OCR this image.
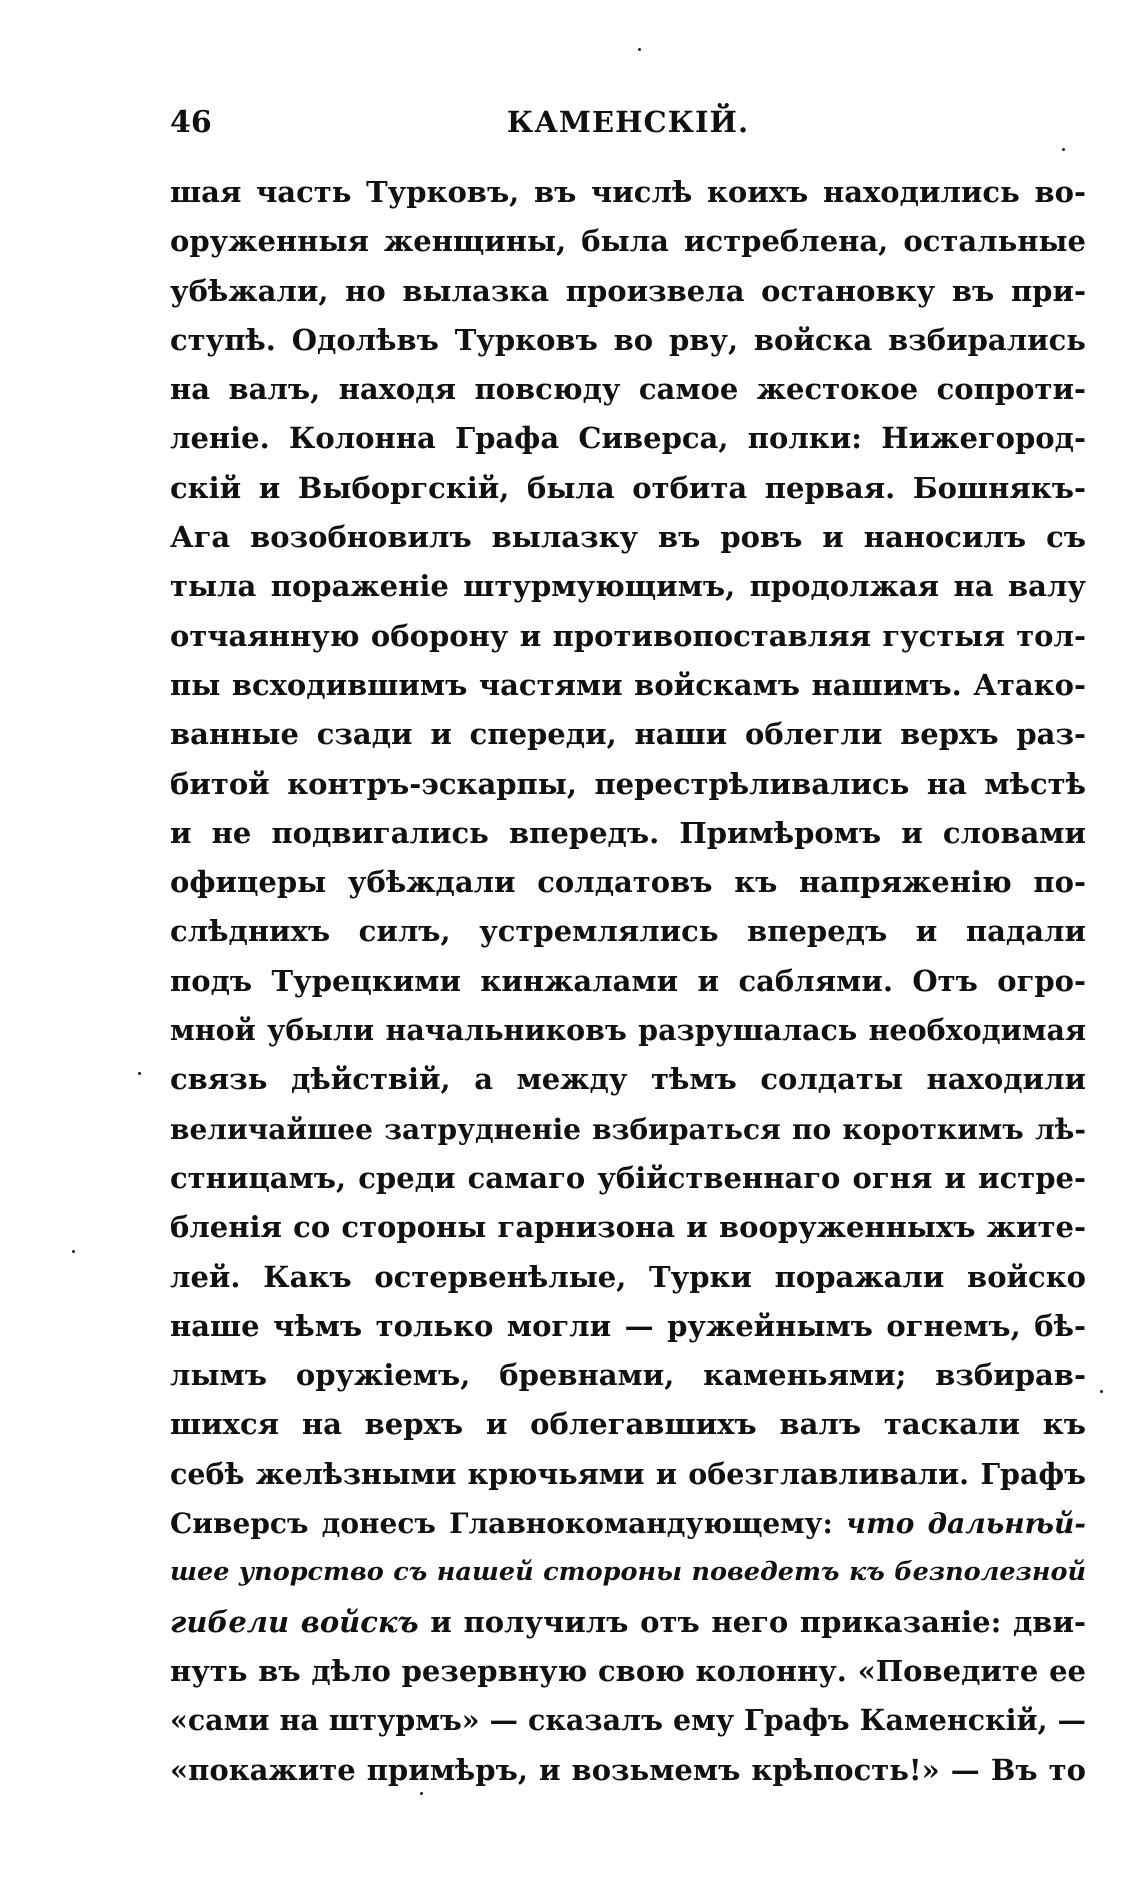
46	КАМЕНСКІЙ.
шая часть Турковъ, въ числѣ коихъ находились во-
оруженныя женщины, была истреблена, остальные
убѣжали, но вылазка произвела остановку въ при-
ступѣ. Одолѣвъ Турковъ во рву, войска взбирались
на валъ, находя повсюду самое жестокое сопроти-
леніе. Колонна Графа Сиверса, полки: Нижегород-
скій и Выборгскій, была отбита первая. Бошнякъ-
Ага возобновилъ вылазку въ ровъ и наносилъ съ
тыла пораженіе штурмующимъ, продолжая на валу
отчаянную оборону и противопоставляя густыя тол-
пы всходившимъ частями войскамъ нашимъ. Атако-
ванные сзади и спереди, наши облегли верхъ раз-
битой контръ-эскарпы, перестрѣливались на мѣстѣ
и не подвигались впередъ. Примѣромъ и словами
офицеры убѣждали солдатовъ къ напряженію по-
слѣднихъ силъ, устремлялись впередъ и падали
подъ Турецкими кинжалами и саблями. Отъ огро-
мной убыли начальниковъ разрушалась необходимая
связь дѣйствій, а между тѣмъ солдаты находили
величайшее затрудненіе взбираться по короткимъ лѣ-
стницамъ, среди самаго убійственнаго огня и истре-
бленія со стороны гарнизона и вооруженныхъ жите-
лей. Какъ остервенѣлые, Турки поражали войско
наше чѣмъ только могли — ружейнымъ огнемъ, бѣ-
лымъ оружіемъ, бревнами, каменьями; взбирав-
шихся на верхъ и облегавшихъ валъ таскали къ
себѣ желѣзными крючьями и обезглавливали. Графъ
Сиверсъ донесъ Главнокомандующему: что дальнѣй-
шее упорство съ нашей стороны поведетъ къ безполезной
гибели войскъ и получилъ отъ него приказаніе: дви-
нуть въ дѣло резервную свою колонну. «Поведите ее
«сами на штурмъ» — сказалъ ему Графъ Каменскій, —
«покажите примѣръ, и возьмемъ крѣпость!» — Въ то
